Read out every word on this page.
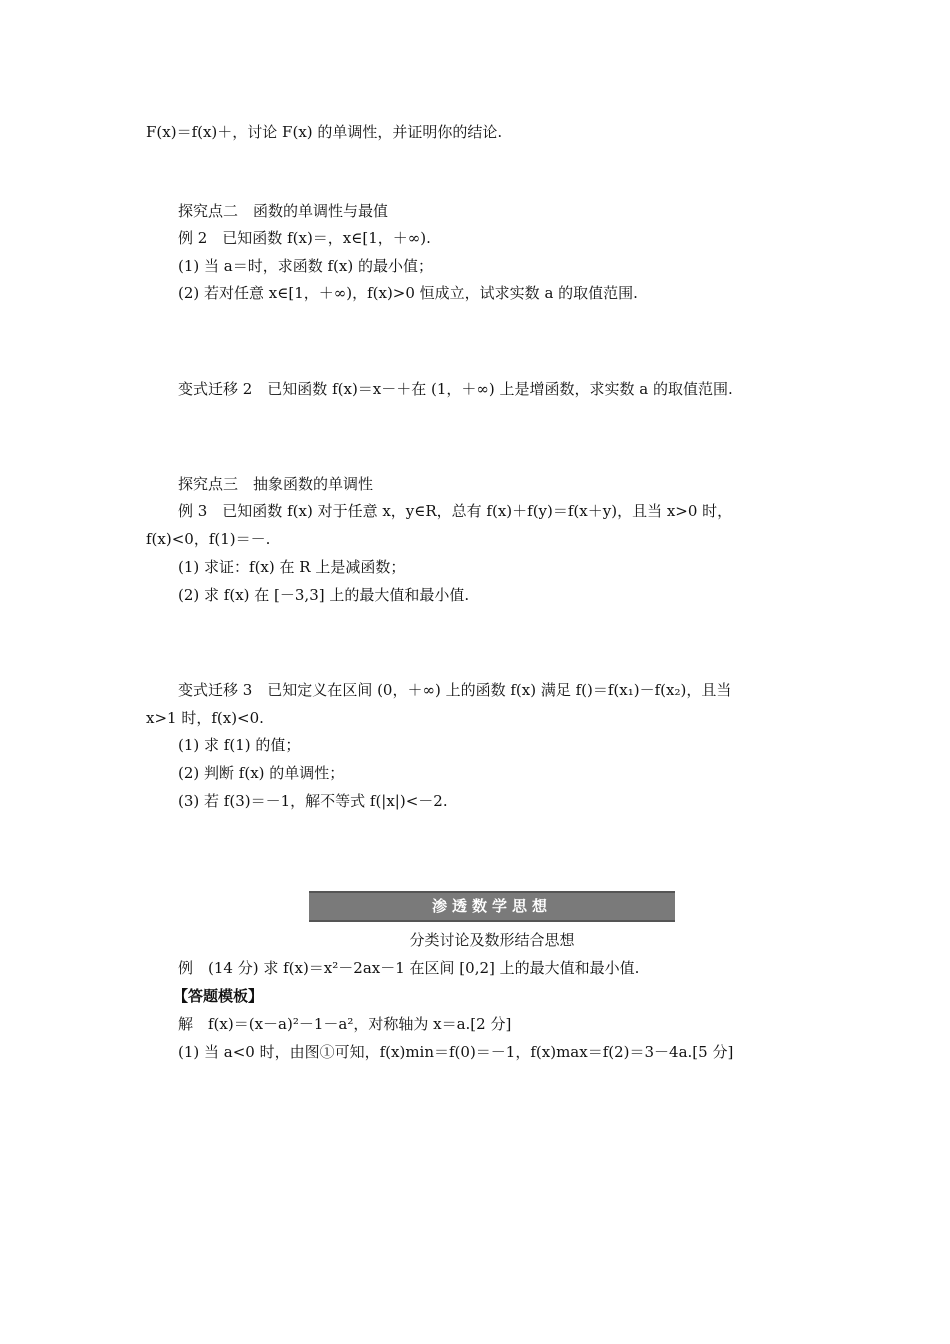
F(x)＝f(x)＋，讨论 F(x) 的单调性，并证明你的结论.
探究点二　函数的单调性与最值
例 2　已知函数 f(x)＝，x∈[1，＋∞).
(1) 当 a＝时，求函数 f(x) 的最小值；
(2) 若对任意 x∈[1，＋∞)，f(x)>0 恒成立，试求实数 a 的取值范围.
变式迁移 2　已知函数 f(x)＝x－＋在 (1，＋∞) 上是增函数，求实数 a 的取值范围.
探究点三　抽象函数的单调性
例 3　已知函数 f(x) 对于任意 x，y∈R，总有 f(x)＋f(y)＝f(x＋y)，且当 x>0 时，
f(x)<0，f(1)＝－.
(1) 求证：f(x) 在 R 上是减函数；
(2) 求 f(x) 在 [－3,3] 上的最大值和最小值.
变式迁移 3　已知定义在区间 (0，＋∞) 上的函数 f(x) 满足 f()＝f(x₁)－f(x₂)，且当
x>1 时，f(x)<0.
(1) 求 f(1) 的值；
(2) 判断 f(x) 的单调性；
(3) 若 f(3)＝－1，解不等式 f(|x|)<－2.
渗透数学思想
分类讨论及数形结合思想
例　(14 分) 求 f(x)＝x²－2ax－1 在区间 [0,2] 上的最大值和最小值.
【答题模板】
解　f(x)＝(x－a)²－1－a²，对称轴为 x＝a.[2 分]
(1) 当 a<0 时，由图①可知，f(x)min＝f(0)＝－1，f(x)max＝f(2)＝3－4a.[5 分]
